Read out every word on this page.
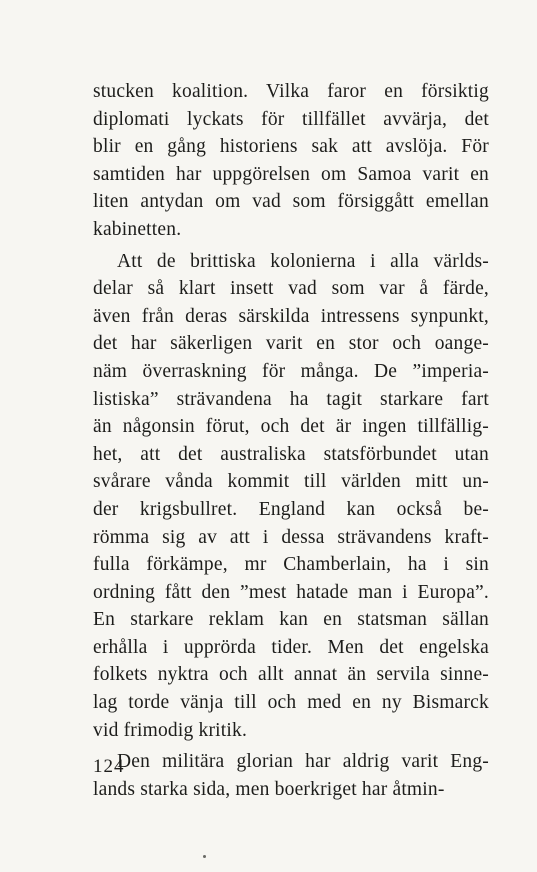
stucken koalition. Vilka faror en försiktig
diplomati lyckats för tillfället avvärja, det
blir en gång historiens sak att avslöja. För
samtiden har uppgörelsen om Samoa varit en
liten antydan om vad som försiggått emellan
kabinetten.
Att de brittiska kolonierna i alla världs-
delar så klart insett vad som var å färde,
även från deras särskilda intressens synpunkt,
det har säkerligen varit en stor och oange-
näm överraskning för många. De ”imperia-
listiska” strävandena ha tagit starkare fart
än någonsin förut, och det är ingen tillfällig-
het, att det australiska statsförbundet utan
svårare vånda kommit till världen mitt un-
der krigsbullret. England kan också be-
römma sig av att i dessa strävandens kraft-
fulla förkämpe, mr Chamberlain, ha i sin
ordning fått den ”mest hatade man i Europa”.
En starkare reklam kan en statsman sällan
erhålla i upprörda tider. Men det engelska
folkets nyktra och allt annat än servila sinne-
lag torde vänja till och med en ny Bismarck
vid frimodig kritik.
Den militära glorian har aldrig varit Eng-
lands starka sida, men boerkriget har åtmin-
124
